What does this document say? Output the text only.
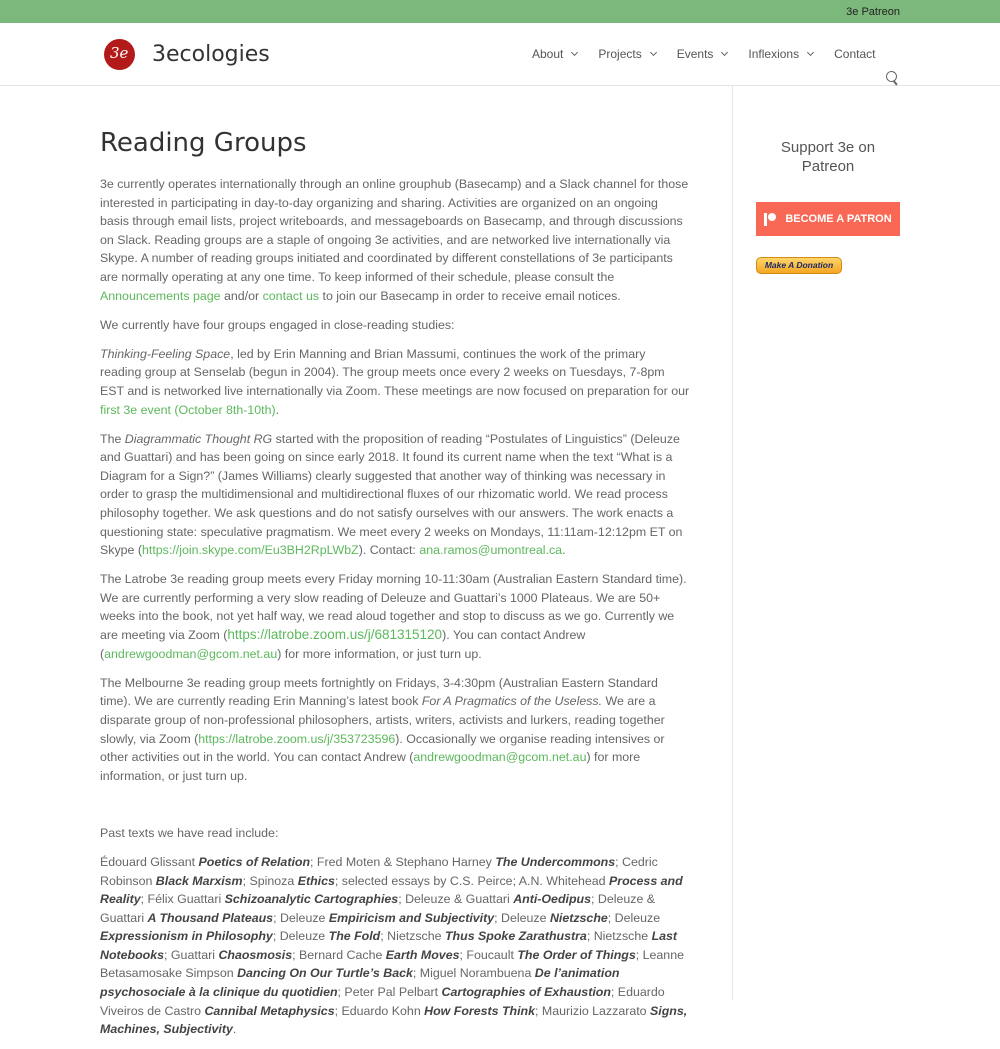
3e Patreon
3e 3ecologies	About	Projects	Events	Inflexions	Contact
Reading Groups

3e currently operates internationally through an online grouphub (Basecamp) and a Slack channel for those interested in participating in day-to-day organizing and sharing. Activities are organized on an ongoing basis through email lists, project writeboards, and messageboards on Basecamp, and through discussions on Slack. Reading groups are a staple of ongoing 3e activities, and are networked live internationally via Skype. A number of reading groups initiated and coordinated by different constellations of 3e participants are normally operating at any one time. To keep informed of their schedule, please consult the Announcements page and/or contact us to join our Basecamp in order to receive email notices.

We currently have four groups engaged in close-reading studies:

Thinking-Feeling Space, led by Erin Manning and Brian Massumi, continues the work of the primary reading group at Senselab (begun in 2004). The group meets once every 2 weeks on Tuesdays, 7-8pm EST and is networked live internationally via Zoom. These meetings are now focused on preparation for our first 3e event (October 8th-10th).

The Diagrammatic Thought RG started with the proposition of reading “Postulates of Linguistics” (Deleuze and Guattari) and has been going on since early 2018. It found its current name when the text “What is a Diagram for a Sign?” (James Williams) clearly suggested that another way of thinking was necessary in order to grasp the multidimensional and multidirectional fluxes of our rhizomatic world. We read process philosophy together. We ask questions and do not satisfy ourselves with our answers. The work enacts a questioning state: speculative pragmatism. We meet every 2 weeks on Mondays, 11:11am-12:12pm ET on Skype (https://join.skype.com/Eu3BH2RpLWbZ). Contact: ana.ramos@umontreal.ca.

The Latrobe 3e reading group meets every Friday morning 10-11:30am (Australian Eastern Standard time). We are currently performing a very slow reading of Deleuze and Guattari’s 1000 Plateaus. We are 50+ weeks into the book, not yet half way, we read aloud together and stop to discuss as we go. Currently we are meeting via Zoom (https://latrobe.zoom.us/j/681315120). You can contact Andrew (andrewgoodman@gcom.net.au) for more information, or just turn up.

The Melbourne 3e reading group meets fortnightly on Fridays, 3-4:30pm (Australian Eastern Standard time). We are currently reading Erin Manning’s latest book For A Pragmatics of the Useless. We are a disparate group of non-professional philosophers, artists, writers, activists and lurkers, reading together slowly, via Zoom (https://latrobe.zoom.us/j/353723596). Occasionally we organise reading intensives or other activities out in the world. You can contact Andrew (andrewgoodman@gcom.net.au) for more information, or just turn up.

Past texts we have read include:

Édouard Glissant Poetics of Relation; Fred Moten & Stephano Harney The Undercommons; Cedric Robinson Black Marxism; Spinoza Ethics; selected essays by C.S. Peirce; A.N. Whitehead Process and Reality; Félix Guattari Schizoanalytic Cartographies; Deleuze & Guattari Anti-Oedipus; Deleuze & Guattari A Thousand Plateaus; Deleuze Empiricism and Subjectivity; Deleuze Nietzsche; Deleuze Expressionism in Philosophy; Deleuze The Fold; Nietzsche Thus Spoke Zarathustra; Nietzsche Last Notebooks; Guattari Chaosmosis; Bernard Cache Earth Moves; Foucault The Order of Things; Leanne Betasamosake Simpson Dancing On Our Turtle’s Back; Miguel Norambuena De l’animation psychosociale à la clinique du quotidien; Peter Pal Pelbart Cartographies of Exhaustion; Eduardo Viveiros de Castro Cannibal Metaphysics; Eduardo Kohn How Forests Think; Maurizio Lazzarato Signs, Machines, Subjectivity.

Support 3e on Patreon
BECOME A PATRON
Make A Donation
